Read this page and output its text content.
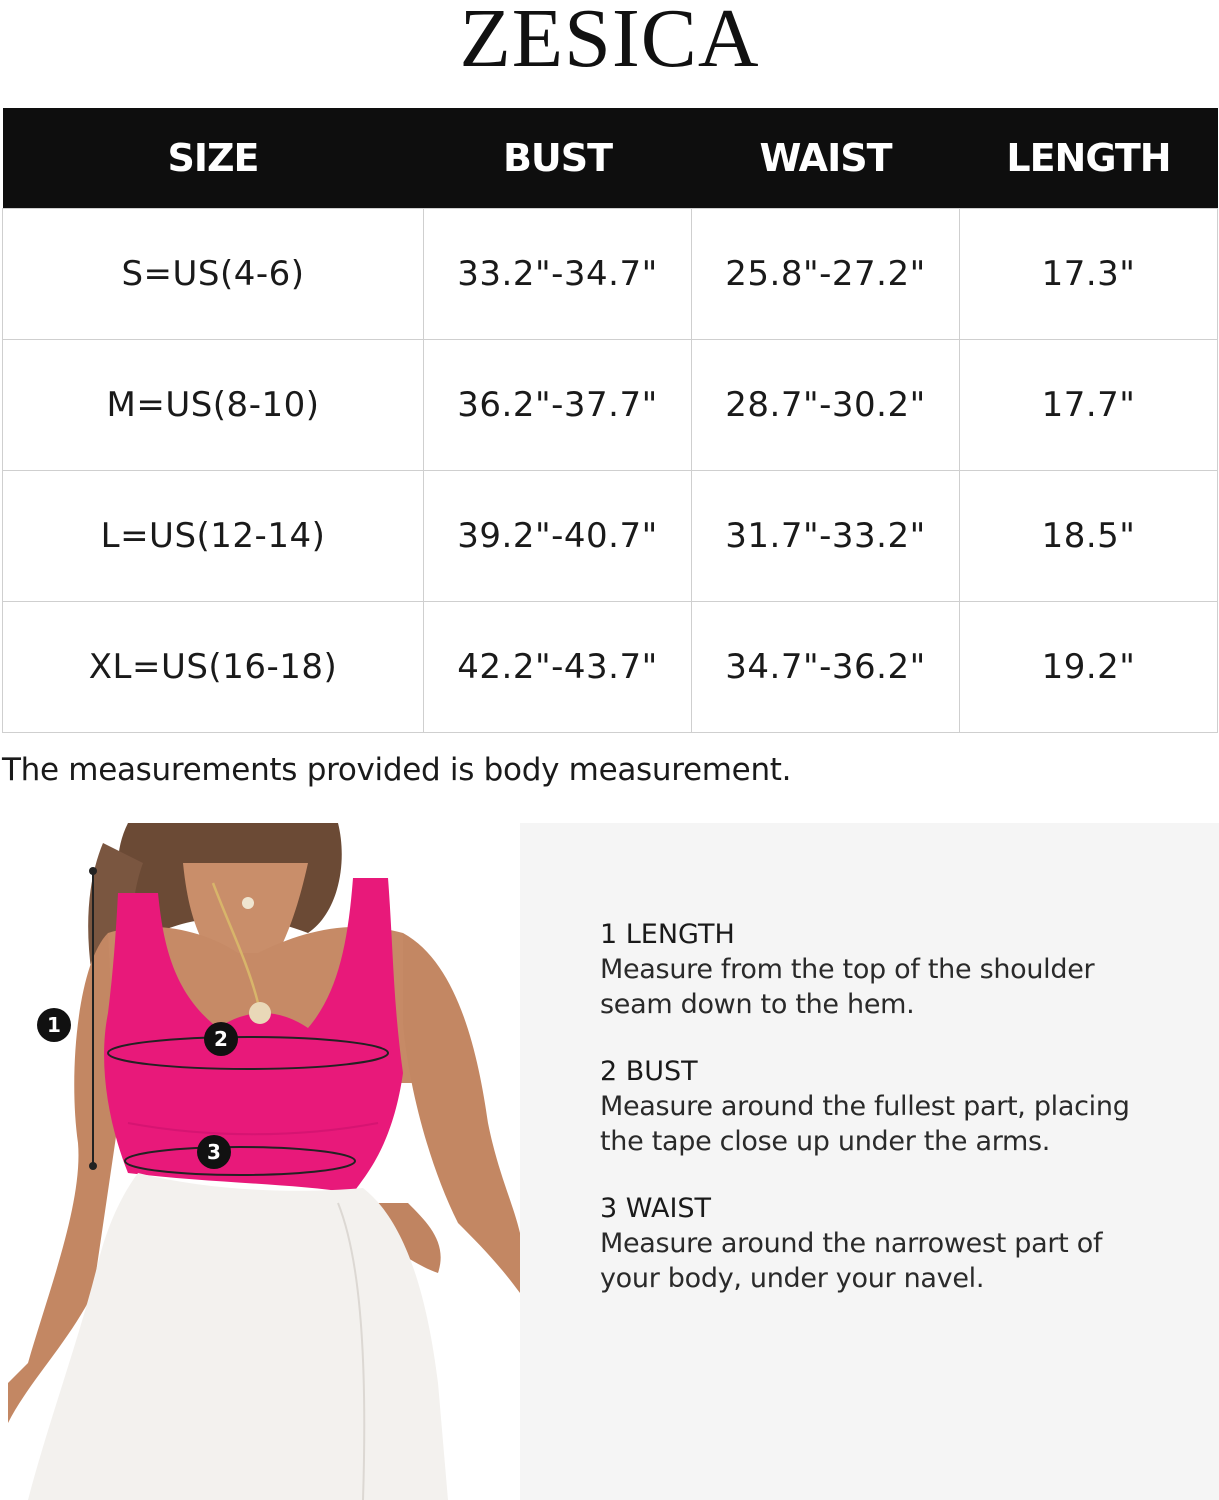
ZESICA
SIZE	BUST	WAIST	LENGTH
S=US(4-6)	33.2"-34.7"	25.8"-27.2"	17.3"
M=US(8-10)	36.2"-37.7"	28.7"-30.2"	17.7"
L=US(12-14)	39.2"-40.7"	31.7"-33.2"	18.5"
XL=US(16-18)	42.2"-43.7"	34.7"-36.2"	19.2"
The measurements provided is body measurement.
1
2
3
1 LENGTH
Measure from the top of the shoulder
seam down to the hem.
2 BUST
Measure around the fullest part, placing
the tape close up under the arms.
3 WAIST
Measure around the narrowest part of
your body, under your navel.
